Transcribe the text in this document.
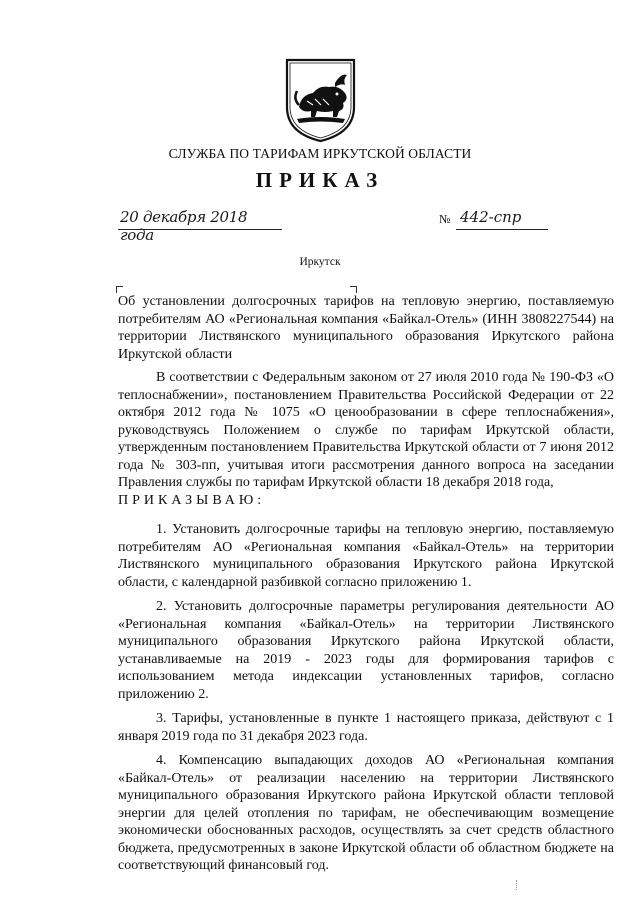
СЛУЖБА ПО ТАРИФАМ ИРКУТСКОЙ ОБЛАСТИ
ПРИКАЗ
20 декабря 2018 года
№ 442-спр
Иркутск

Об установлении долгосрочных тарифов на тепловую энергию, поставляемую потребителям АО «Региональная компания «Байкал-Отель» (ИНН 3808227544) на территории Листвянского муниципального образования Иркутского района Иркутской области

В соответствии с Федеральным законом от 27 июля 2010 года № 190-ФЗ «О теплоснабжении», постановлением Правительства Российской Федерации от 22 октября 2012 года № 1075 «О ценообразовании в сфере теплоснабжения», руководствуясь Положением о службе по тарифам Иркутской области, утвержденным постановлением Правительства Иркутской области от 7 июня 2012 года № 303-пп, учитывая итоги рассмотрения данного вопроса на заседании Правления службы по тарифам Иркутской области 18 декабря 2018 года,

ПРИКАЗЫВАЮ:

1. Установить долгосрочные тарифы на тепловую энергию, поставляемую потребителям АО «Региональная компания «Байкал-Отель» на территории Листвянского муниципального образования Иркутского района Иркутской области, с календарной разбивкой согласно приложению 1.

2. Установить долгосрочные параметры регулирования деятельности АО «Региональная компания «Байкал-Отель» на территории Листвянского муниципального образования Иркутского района Иркутской области, устанавливаемые на 2019 - 2023 годы для формирования тарифов с использованием метода индексации установленных тарифов, согласно приложению 2.

3. Тарифы, установленные в пункте 1 настоящего приказа, действуют с 1 января 2019 года по 31 декабря 2023 года.

4. Компенсацию выпадающих доходов АО «Региональная компания «Байкал-Отель» от реализации населению на территории Листвянского муниципального образования Иркутского района Иркутской области тепловой энергии для целей отопления по тарифам, не обеспечивающим возмещение экономически обоснованных расходов, осуществлять за счет средств областного бюджета, предусмотренных в законе Иркутской области об областном бюджете на соответствующий финансовый год.
